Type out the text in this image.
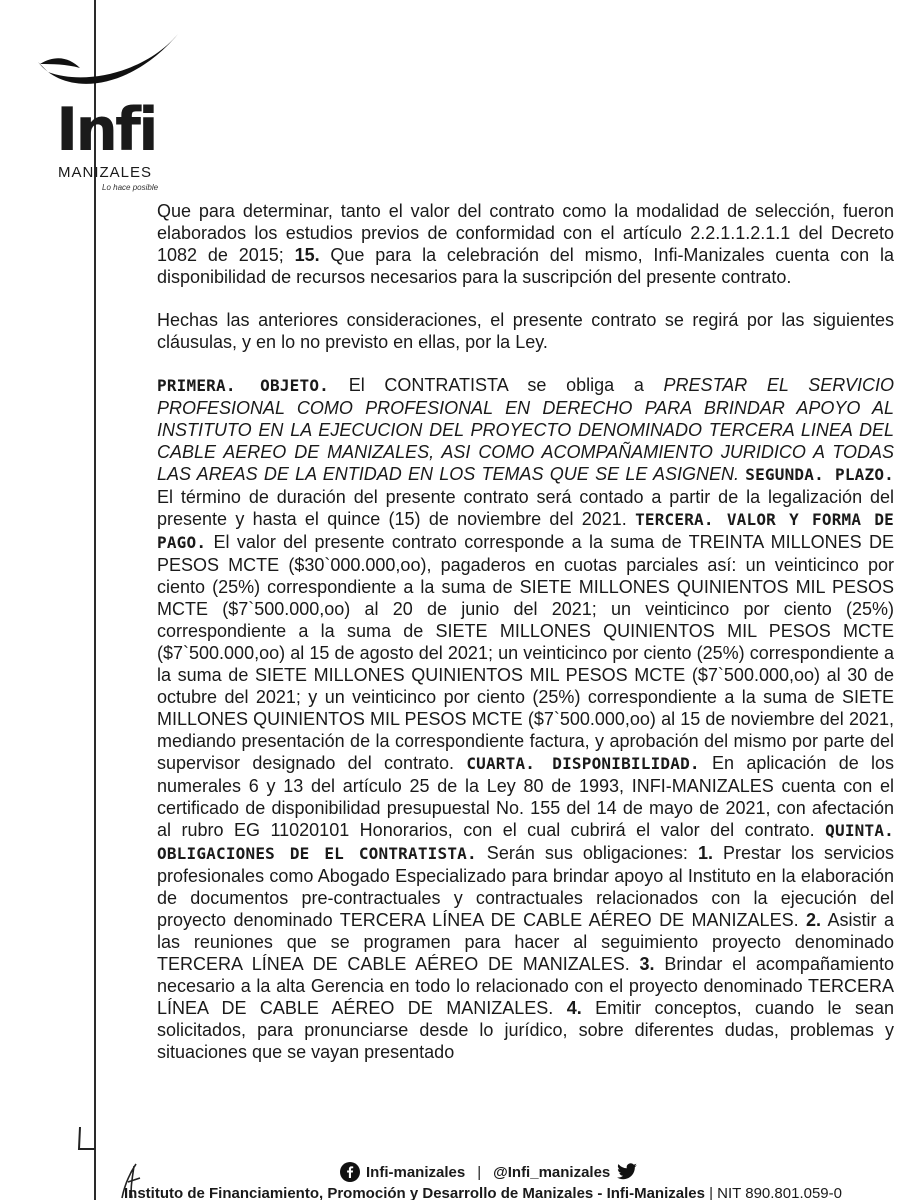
Infi
MANIZALES
Lo hace posible

Que para determinar, tanto el valor del contrato como la modalidad de selección, fueron elaborados los estudios previos de conformidad con el artículo 2.2.1.1.2.1.1 del Decreto 1082 de 2015; 15. Que para la celebración del mismo, Infi-Manizales cuenta con la disponibilidad de recursos necesarios para la suscripción del presente contrato.

Hechas las anteriores consideraciones, el presente contrato se regirá por las siguientes cláusulas, y en lo no previsto en ellas, por la Ley.

PRIMERA. OBJETO. El CONTRATISTA se obliga a PRESTAR EL SERVICIO PROFESIONAL COMO PROFESIONAL EN DERECHO PARA BRINDAR APOYO AL INSTITUTO EN LA EJECUCION DEL PROYECTO DENOMINADO TERCERA LINEA DEL CABLE AEREO DE MANIZALES, ASI COMO ACOMPAÑAMIENTO JURIDICO A TODAS LAS AREAS DE LA ENTIDAD EN LOS TEMAS QUE SE LE ASIGNEN. SEGUNDA. PLAZO. El término de duración del presente contrato será contado a partir de la legalización del presente y hasta el quince (15) de noviembre del 2021. TERCERA. VALOR Y FORMA DE PAGO. El valor del presente contrato corresponde a la suma de TREINTA MILLONES DE PESOS MCTE ($30`000.000,oo), pagaderos en cuotas parciales así: un veinticinco por ciento (25%) correspondiente a la suma de SIETE MILLONES QUINIENTOS MIL PESOS MCTE ($7`500.000,oo) al 20 de junio del 2021; un veinticinco por ciento (25%) correspondiente a la suma de SIETE MILLONES QUINIENTOS MIL PESOS MCTE ($7`500.000,oo) al 15 de agosto del 2021; un veinticinco por ciento (25%) correspondiente a la suma de SIETE MILLONES QUINIENTOS MIL PESOS MCTE ($7`500.000,oo) al 30 de octubre del 2021; y un veinticinco por ciento (25%) correspondiente a la suma de SIETE MILLONES QUINIENTOS MIL PESOS MCTE ($7`500.000,oo) al 15 de noviembre del 2021, mediando presentación de la correspondiente factura, y aprobación del mismo por parte del supervisor designado del contrato. CUARTA. DISPONIBILIDAD. En aplicación de los numerales 6 y 13 del artículo 25 de la Ley 80 de 1993, INFI-MANIZALES cuenta con el certificado de disponibilidad presupuestal No. 155 del 14 de mayo de 2021, con afectación al rubro EG 11020101 Honorarios, con el cual cubrirá el valor del contrato. QUINTA. OBLIGACIONES DE EL CONTRATISTA. Serán sus obligaciones: 1. Prestar los servicios profesionales como Abogado Especializado para brindar apoyo al Instituto en la elaboración de documentos pre-contractuales y contractuales relacionados con la ejecución del proyecto denominado TERCERA LÍNEA DE CABLE AÉREO DE MANIZALES. 2. Asistir a las reuniones que se programen para hacer al seguimiento proyecto denominado TERCERA LÍNEA DE CABLE AÉREO DE MANIZALES. 3. Brindar el acompañamiento necesario a la alta Gerencia en todo lo relacionado con el proyecto denominado TERCERA LÍNEA DE CABLE AÉREO DE MANIZALES. 4. Emitir conceptos, cuando le sean solicitados, para pronunciarse desde lo jurídico, sobre diferentes dudas, problemas y situaciones que se vayan presentado

Infi-manizales | @Infi_manizales
Instituto de Financiamiento, Promoción y Desarrollo de Manizales - Infi-Manizales | NIT 890.801.059-0
